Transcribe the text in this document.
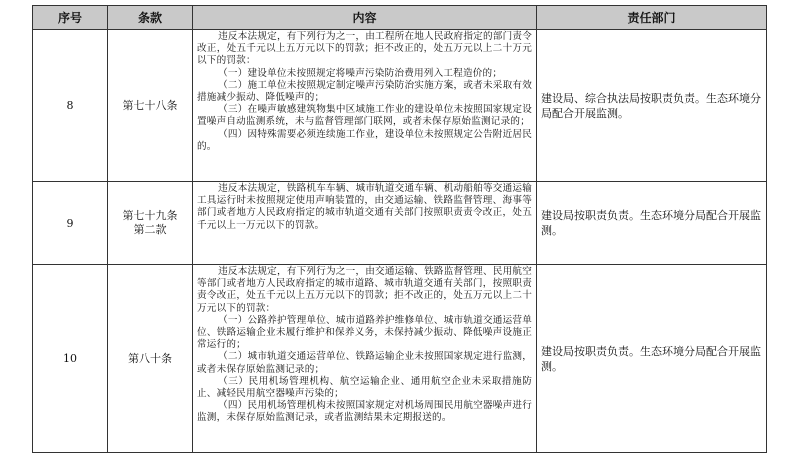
序号	条款	内容	责任部门
8	第七十八条	违反本法规定，有下列行为之一，由工程所在地人民政府指定的部门责令改正，处五千元以上五万元以下的罚款；拒不改正的，处五万元以上二十万元以下的罚款：

（一）建设单位未按照规定将噪声污染防治费用列入工程造价的；

（二）施工单位未按照规定制定噪声污染防治实施方案，或者未采取有效措施减少振动、降低噪声的；

（三）在噪声敏感建筑物集中区域施工作业的建设单位未按照国家规定设置噪声自动监测系统，未与监督管理部门联网，或者未保存原始监测记录的；

（四）因特殊需要必须连续施工作业，建设单位未按照规定公告附近居民的。	建设局、综合执法局按职责负责。生态环境分局配合开展监测。
9	第七十九条
第二款	违反本法规定，铁路机车车辆、城市轨道交通车辆、机动船舶等交通运输工具运行时未按照规定使用声响装置的，由交通运输、铁路监督管理、海事等部门或者地方人民政府指定的城市轨道交通有关部门按照职责责令改正，处五千元以上一万元以下的罚款。	建设局按职责负责。生态环境分局配合开展监测。
10	第八十条	违反本法规定，有下列行为之一，由交通运输、铁路监督管理、民用航空等部门或者地方人民政府指定的城市道路、城市轨道交通有关部门，按照职责责令改正，处五千元以上五万元以下的罚款；拒不改正的，处五万元以上二十万元以下的罚款：

（一）公路养护管理单位、城市道路养护维修单位、城市轨道交通运营单位、铁路运输企业未履行维护和保养义务，未保持减少振动、降低噪声设施正常运行的；

（二）城市轨道交通运营单位、铁路运输企业未按照国家规定进行监测，或者未保存原始监测记录的；

（三）民用机场管理机构、航空运输企业、通用航空企业未采取措施防止、减轻民用航空器噪声污染的；

（四）民用机场管理机构未按照国家规定对机场周围民用航空器噪声进行监测，未保存原始监测记录，或者监测结果未定期报送的。	建设局按职责负责。生态环境分局配合开展监测。
